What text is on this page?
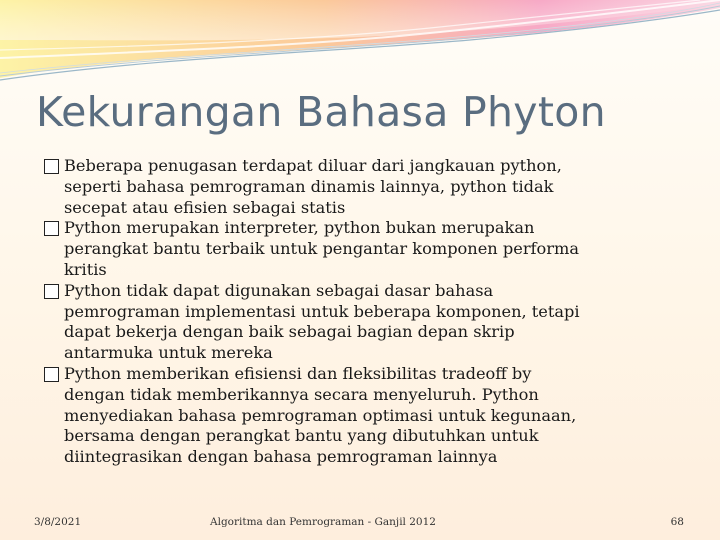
Kekurangan Bahasa Phyton
Beberapa penugasan terdapat diluar dari jangkauan python,
seperti bahasa pemrograman dinamis lainnya, python tidak
secepat atau efisien sebagai statis
Python merupakan interpreter, python bukan merupakan
perangkat bantu terbaik untuk pengantar komponen performa
kritis
Python tidak dapat digunakan sebagai dasar bahasa
pemrograman implementasi untuk beberapa komponen, tetapi
dapat bekerja dengan baik sebagai bagian depan skrip
antarmuka untuk mereka
Python memberikan efisiensi dan fleksibilitas tradeoff by
dengan tidak memberikannya secara menyeluruh. Python
menyediakan bahasa pemrograman optimasi untuk kegunaan,
bersama dengan perangkat bantu yang dibutuhkan untuk
diintegrasikan dengan bahasa pemrograman lainnya
3/8/2021	Algoritma dan Pemrograman - Ganjil 2012	68
